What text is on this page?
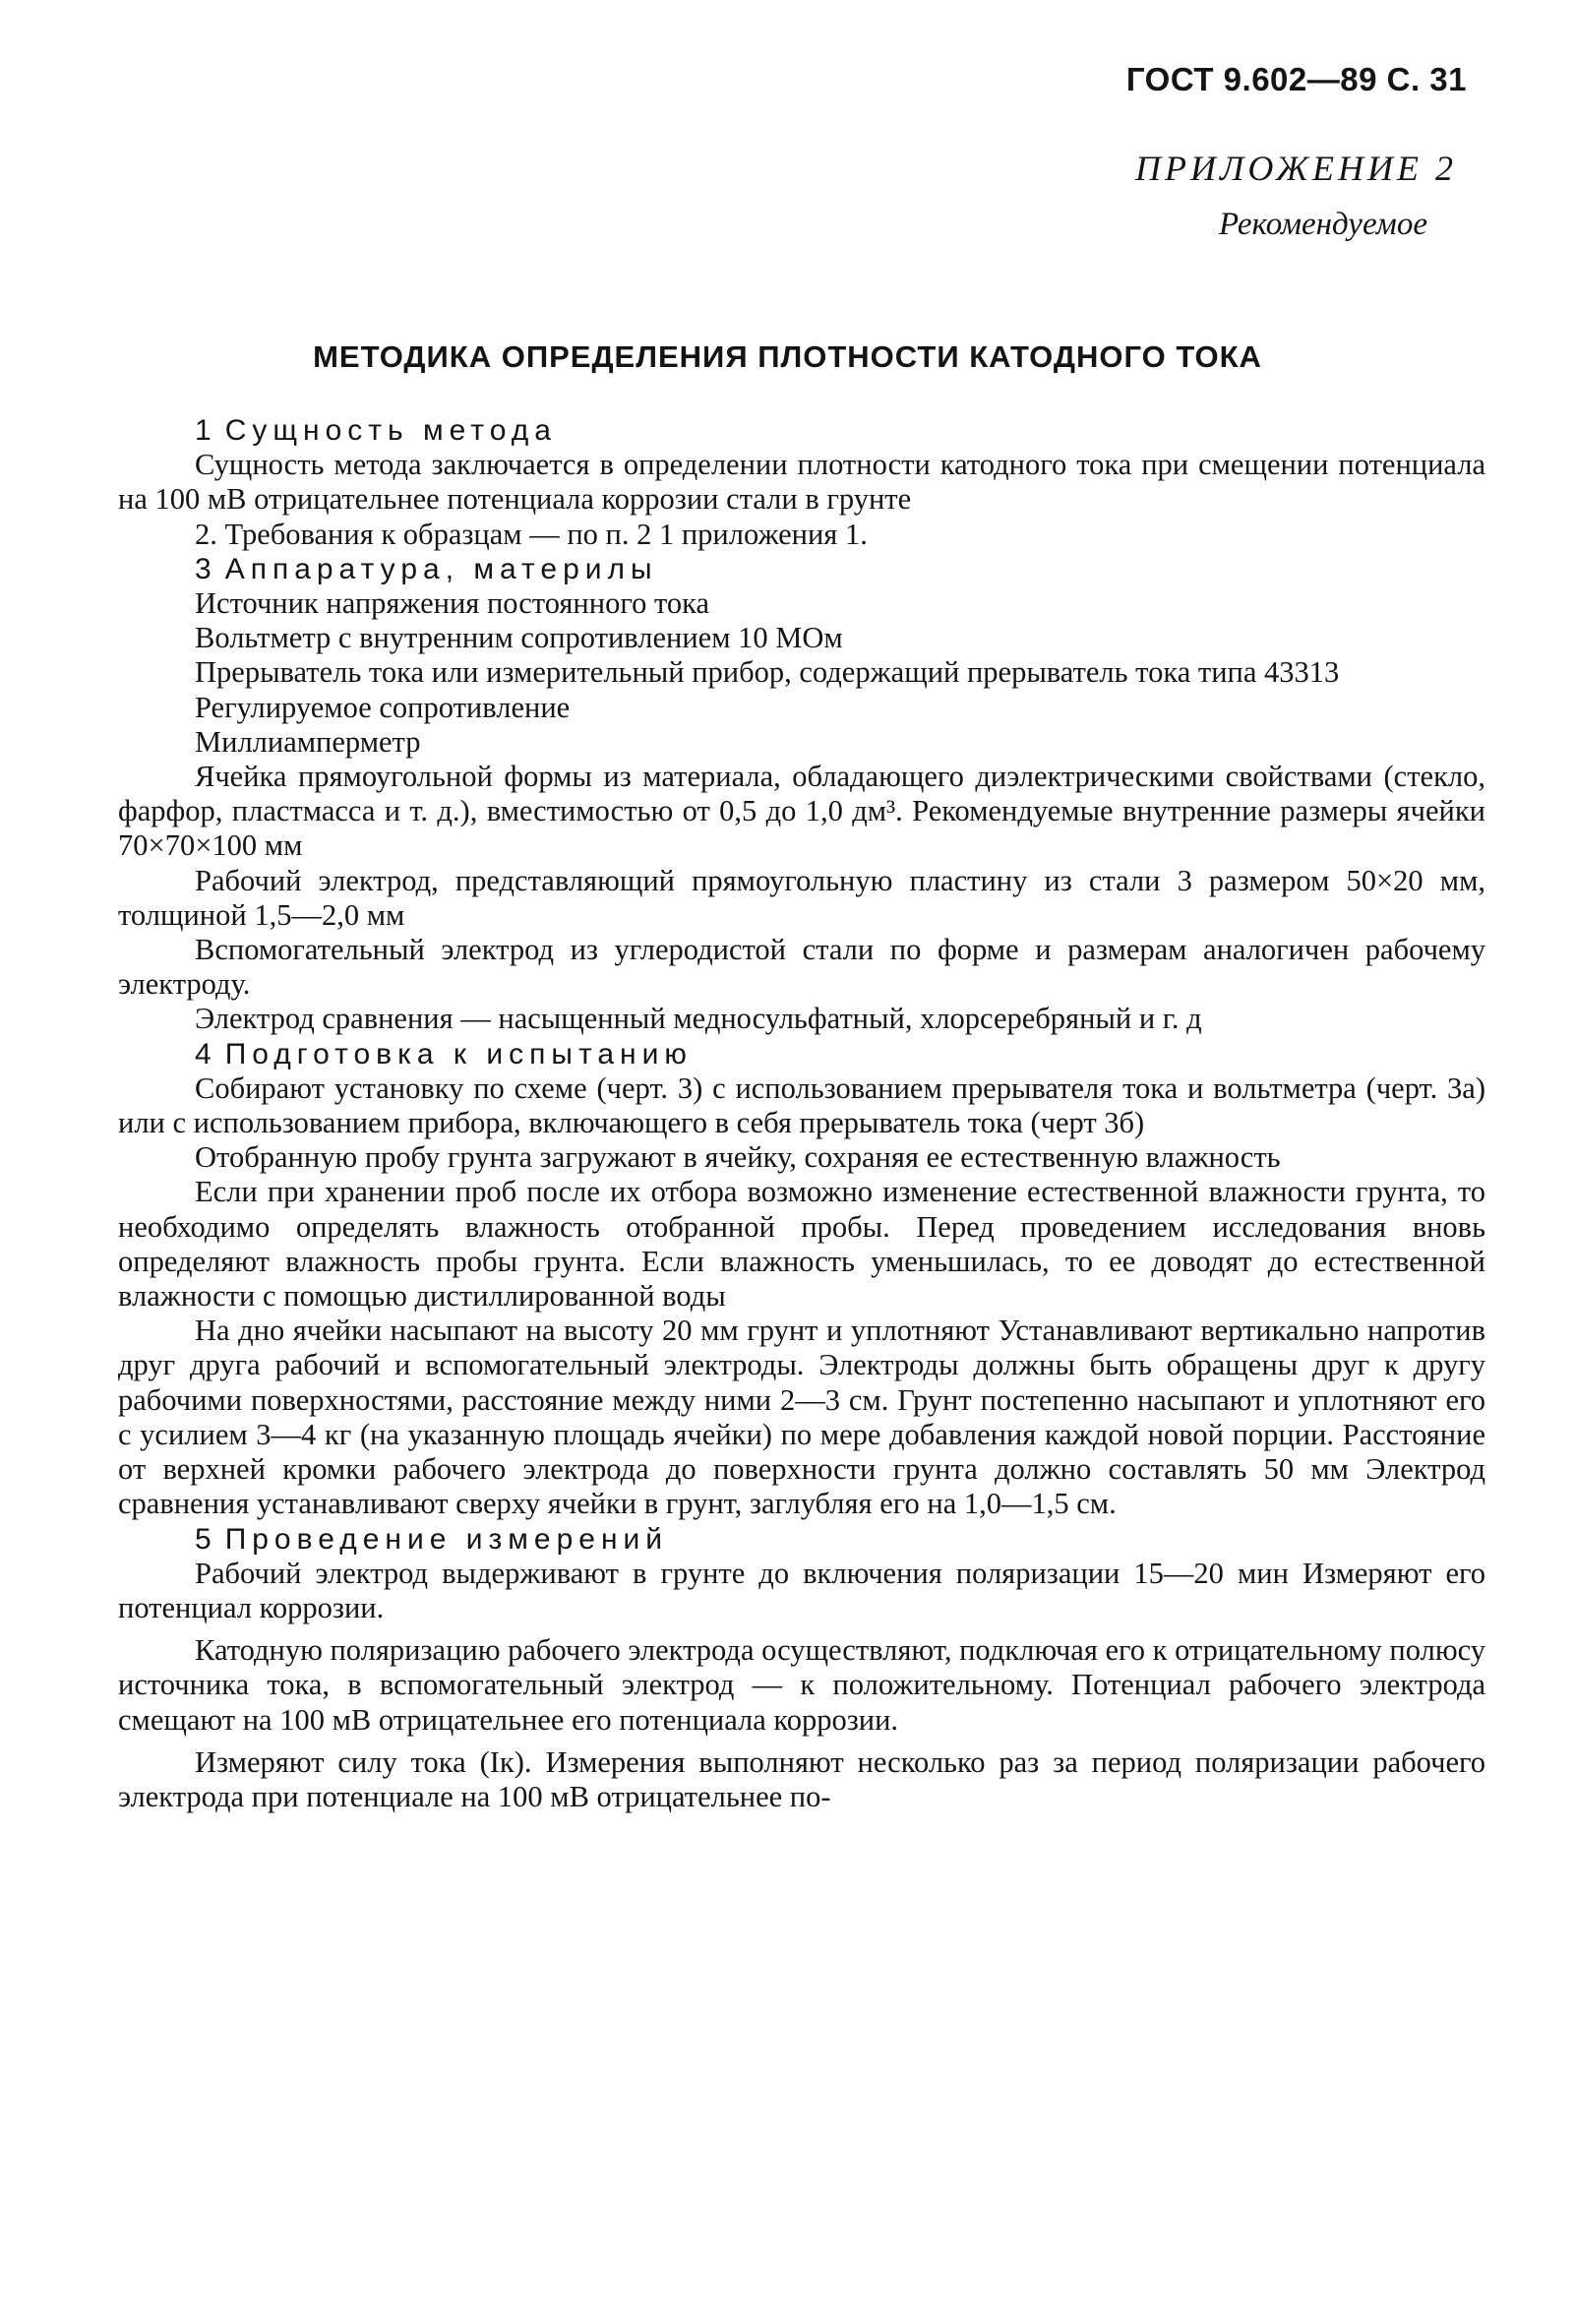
ГОСТ 9.602—89 С. 31
ПРИЛОЖЕНИЕ 2
Рекомендуемое
МЕТОДИКА ОПРЕДЕЛЕНИЯ ПЛОТНОСТИ КАТОДНОГО ТОКА

1 Сущность метода

Сущность метода заключается в определении плотности катодного тока при смещении потенциала на 100 мВ отрицательнее потенциала коррозии стали в грунте

2. Требования к образцам — по п. 2 1 приложения 1.

3 Аппаратура, материлы

Источник напряжения постоянного тока

Вольтметр с внутренним сопротивлением 10 МОм

Прерыватель тока или измерительный прибор, содержащий прерыватель тока типа 43313

Регулируемое сопротивление

Миллиамперметр

Ячейка прямоугольной формы из материала, обладающего диэлектрическими свойствами (стекло, фарфор, пластмасса и т. д.), вместимостью от 0,5 до 1,0 дм³. Рекомендуемые внутренние размеры ячейки 70×70×100 мм

Рабочий электрод, представляющий прямоугольную пластину из стали 3 размером 50×20 мм, толщиной 1,5—2,0 мм

Вспомогательный электрод из углеродистой стали по форме и размерам аналогичен рабочему электроду.

Электрод сравнения — насыщенный медносульфатный, хлорсеребряный и г. д

4 Подготовка к испытанию

Собирают установку по схеме (черт. 3) с использованием прерывателя тока и вольтметра (черт. 3а) или с использованием прибора, включающего в себя прерыватель тока (черт 3б)

Отобранную пробу грунта загружают в ячейку, сохраняя ее естественную влажность

Если при хранении проб после их отбора возможно изменение естественной влажности грунта, то необходимо определять влажность отобранной пробы. Перед проведением исследования вновь определяют влажность пробы грунта. Если влажность уменьшилась, то ее доводят до естественной влажности с помощью дистиллированной воды

На дно ячейки насыпают на высоту 20 мм грунт и уплотняют Устанавливают вертикально напротив друг друга рабочий и вспомогательный электроды. Электроды должны быть обращены друг к другу рабочими поверхностями, расстояние между ними 2—3 см. Грунт постепенно насыпают и уплотняют его с усилием 3—4 кг (на указанную площадь ячейки) по мере добавления каждой новой порции. Расстояние от верхней кромки рабочего электрода до поверхности грунта должно составлять 50 мм Электрод сравнения устанавливают сверху ячейки в грунт, заглубляя его на 1,0—1,5 см.

5 Проведение измерений

Рабочий электрод выдерживают в грунте до включения поляризации 15—20 мин Измеряют его потенциал коррозии.

Катодную поляризацию рабочего электрода осуществляют, подключая его к отрицательному полюсу источника тока, в вспомогательный электрод — к положительному. Потенциал рабочего электрода смещают на 100 мВ отрицательнее его потенциала коррозии.

Измеряют силу тока (Iк). Измерения выполняют несколько раз за период поляризации рабочего электрода при потенциале на 100 мВ отрицательнее по-
